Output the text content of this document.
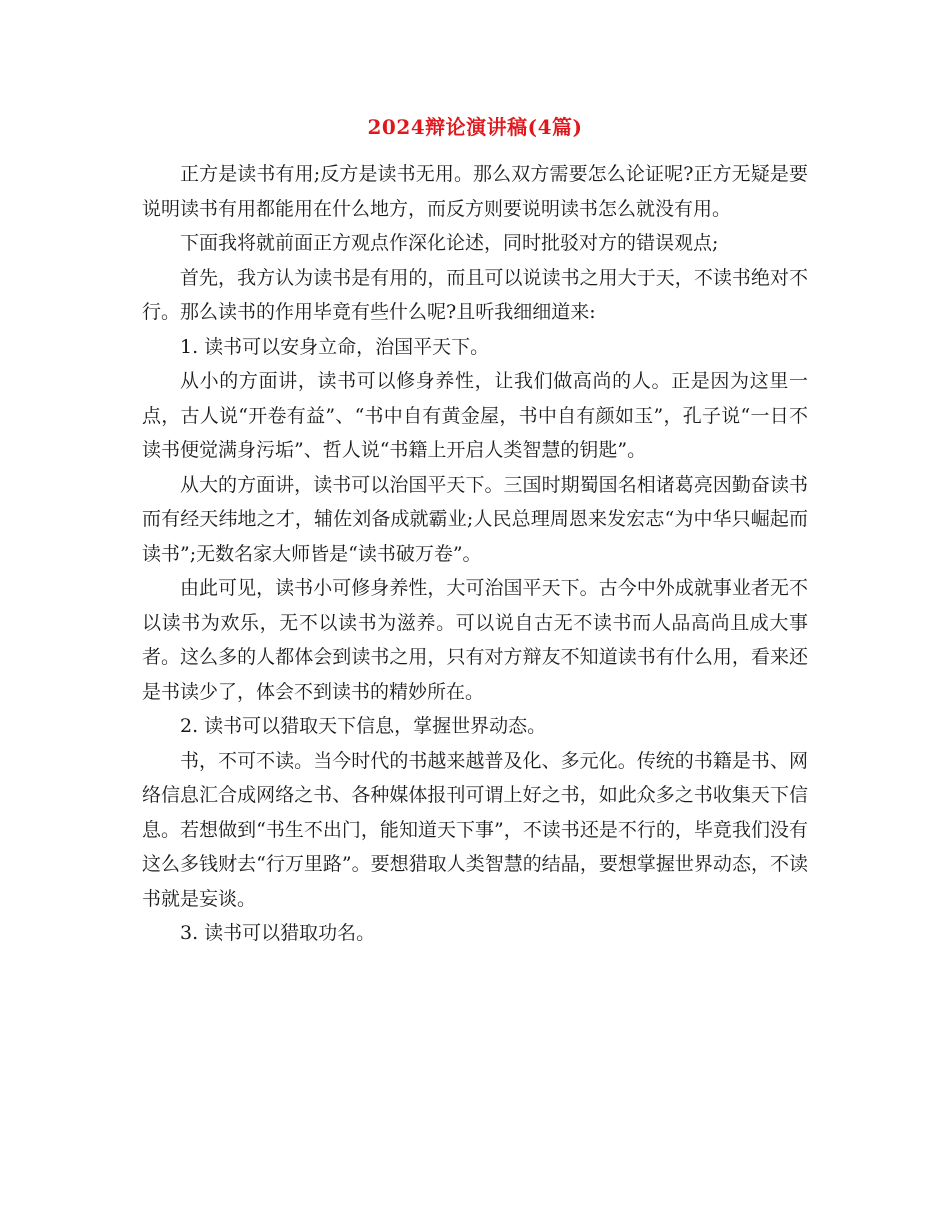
2024辩论演讲稿(4篇)

正方是读书有用;反方是读书无用。那么双方需要怎么论证呢?正方无疑是要说明读书有用都能用在什么地方，而反方则要说明读书怎么就没有用。

下面我将就前面正方观点作深化论述，同时批驳对方的错误观点;

首先，我方认为读书是有用的，而且可以说读书之用大于天，不读书绝对不行。那么读书的作用毕竟有些什么呢?且听我细细道来:

1. 读书可以安身立命，治国平天下。

从小的方面讲，读书可以修身养性，让我们做高尚的人。正是因为这里一点，古人说“开卷有益”、“书中自有黄金屋，书中自有颜如玉”，孔子说“一日不读书便觉满身污垢”、哲人说“书籍上开启人类智慧的钥匙”。

从大的方面讲，读书可以治国平天下。三国时期蜀国名相诸葛亮因勤奋读书而有经天纬地之才，辅佐刘备成就霸业;人民总理周恩来发宏志“为中华只崛起而读书”;无数名家大师皆是“读书破万卷”。

由此可见，读书小可修身养性，大可治国平天下。古今中外成就事业者无不以读书为欢乐，无不以读书为滋养。可以说自古无不读书而人品高尚且成大事者。这么多的人都体会到读书之用，只有对方辩友不知道读书有什么用，看来还是书读少了，体会不到读书的精妙所在。

2. 读书可以猎取天下信息，掌握世界动态。

书，不可不读。当今时代的书越来越普及化、多元化。传统的书籍是书、网络信息汇合成网络之书、各种媒体报刊可谓上好之书，如此众多之书收集天下信息。若想做到“书生不出门，能知道天下事”，不读书还是不行的，毕竟我们没有这么多钱财去“行万里路”。要想猎取人类智慧的结晶，要想掌握世界动态，不读书就是妄谈。

3. 读书可以猎取功名。
